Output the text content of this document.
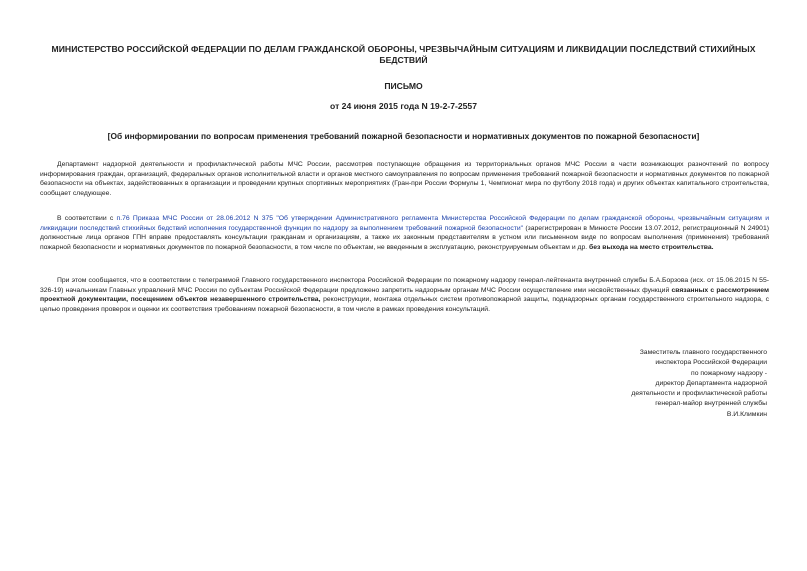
МИНИСТЕРСТВО РОССИЙСКОЙ ФЕДЕРАЦИИ ПО ДЕЛАМ ГРАЖДАНСКОЙ ОБОРОНЫ, ЧРЕЗВЫЧАЙНЫМ СИТУАЦИЯМ И ЛИКВИДАЦИИ ПОСЛЕДСТВИЙ СТИХИЙНЫХ БЕДСТВИЙ
ПИСЬМО
от 24 июня 2015 года N 19-2-7-2557
[Об информировании по вопросам применения требований пожарной безопасности и нормативных документов по пожарной безопасности]

Департамент надзорной деятельности и профилактической работы МЧС России, рассмотрев поступающие обращения из территориальных органов МЧС России в части возникающих разночтений по вопросу информирования граждан, организаций, федеральных органов исполнительной власти и органов местного самоуправления по вопросам применения требований пожарной безопасности и нормативных документов по пожарной безопасности на объектах, задействованных в организации и проведении крупных спортивных мероприятиях (Гран-при России Формулы 1, Чемпионат мира по футболу 2018 года) и других объектах капитального строительства, сообщает следующее.

В соответствии с п.76 Приказа МЧС России от 28.06.2012 N 375 "Об утверждении Административного регламента Министерства Российской Федерации по делам гражданской обороны, чрезвычайным ситуациям и ликвидации последствий стихийных бедствий исполнения государственной функции по надзору за выполнением требований пожарной безопасности" (зарегистрирован в Минюсте России 13.07.2012, регистрационный N 24901) должностные лица органов ГПН вправе предоставлять консультации гражданам и организациям, а также их законным представителям в устном или письменном виде по вопросам выполнения (применения) требований пожарной безопасности и нормативных документов по пожарной безопасности, в том числе по объектам, не введенным в эксплуатацию, реконструируемым объектам и др. без выхода на место строительства.

При этом сообщается, что в соответствии с телеграммой Главного государственного инспектора Российской Федерации по пожарному надзору генерал-лейтенанта внутренней службы Б.А.Борзова (исх. от 15.06.2015 N 55-326-19) начальникам Главных управлений МЧС России по субъектам Российской Федерации предложено запретить надзорным органам МЧС России осуществление ими несвойственных функций связанных с рассмотрением проектной документации, посещением объектов незавершенного строительства, реконструкции, монтажа отдельных систем противопожарной защиты, поднадзорных органам государственного строительного надзора, с целью проведения проверок и оценки их соответствия требованиям пожарной безопасности, в том числе в рамках проведения консультаций.

Заместитель главного государственного
инспектора Российской Федерации
по пожарному надзору -
директор Департамента надзорной
деятельности и профилактической работы
генерал-майор внутренней службы
В.И.Климкин
